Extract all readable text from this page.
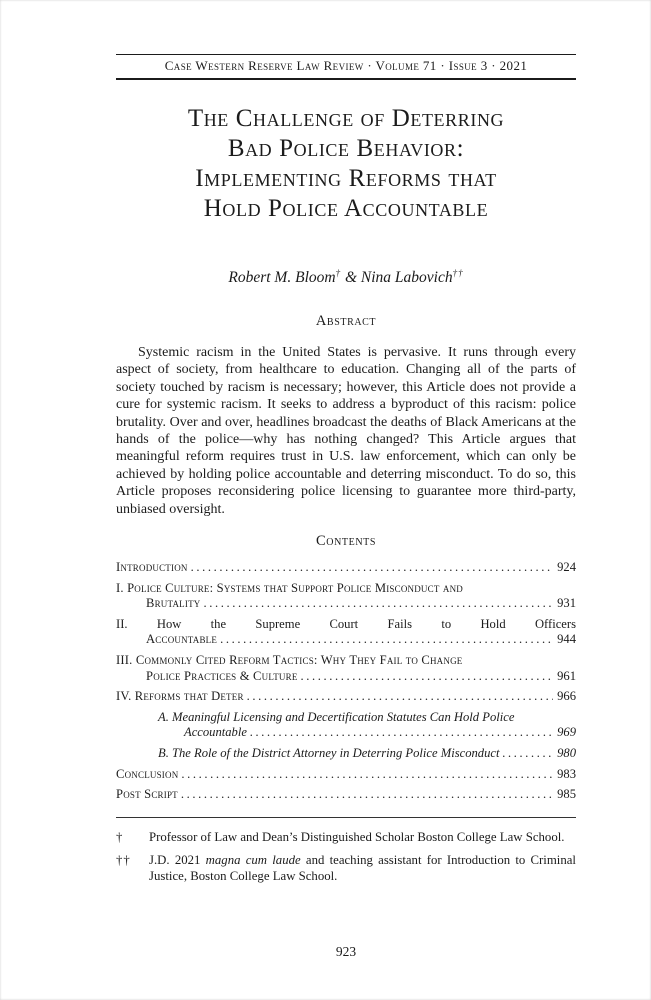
Case Western Reserve Law Review · Volume 71 · Issue 3 · 2021
The Challenge of Deterring
Bad Police Behavior:
Implementing Reforms that
Hold Police Accountable
Robert M. Bloom† & Nina Labovich††
Abstract

Systemic racism in the United States is pervasive. It runs through every aspect of society, from healthcare to education. Changing all of the parts of society touched by racism is necessary; however, this Article does not provide a cure for systemic racism. It seeks to address a byproduct of this racism: police brutality. Over and over, headlines broadcast the deaths of Black Americans at the hands of the police—why has nothing changed? This Article argues that meaningful reform requires trust in U.S. law enforcement, which can only be achieved by holding police accountable and deterring misconduct. To do so, this Article proposes reconsidering police licensing to guarantee more third-party, unbiased oversight.

Contents
Introduction .....	924
I. Police Culture: Systems that Support Police Misconduct and
Brutality .....	931
II. How the Supreme Court Fails to Hold Officers
Accountable .....	944
III. Commonly Cited Reform Tactics: Why They Fail to Change
Police Practices & Culture .....	961
IV. Reforms that Deter .....	966
A. Meaningful Licensing and Decertification Statutes Can Hold Police
Accountable .....	969
B. The Role of the District Attorney in Deterring Police Misconduct .....	980
Conclusion .....	983
Post Script .....	985
†	Professor of Law and Dean’s Distinguished Scholar Boston College Law School.
††	J.D. 2021 magna cum laude and teaching assistant for Introduction to Criminal Justice, Boston College Law School.
923
